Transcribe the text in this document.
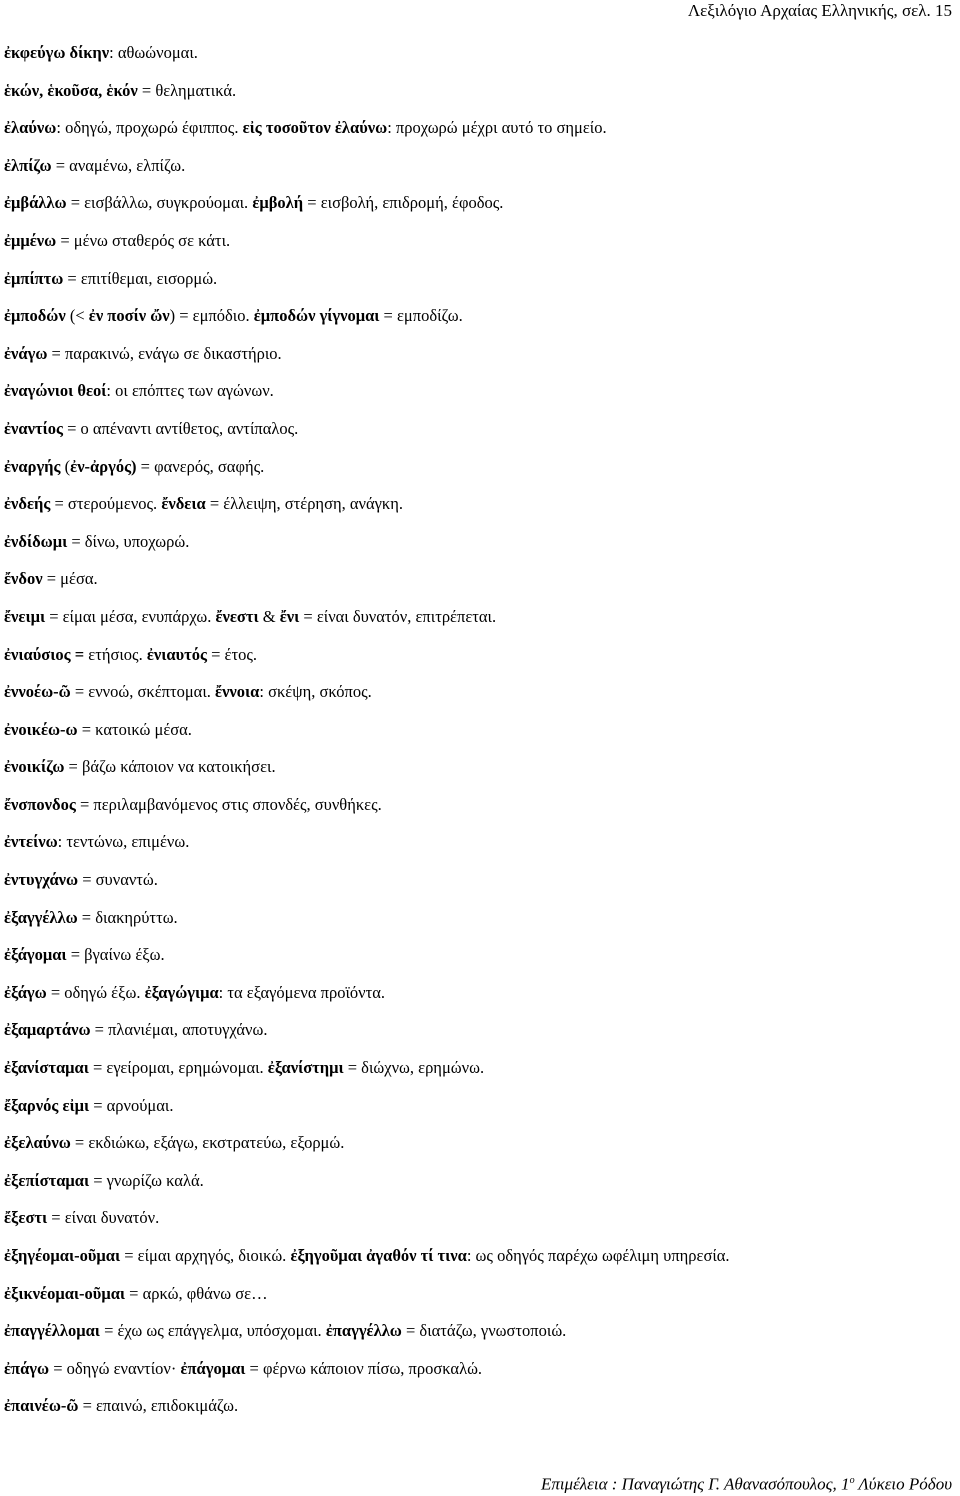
Λεξιλόγιο Αρχαίας Ελληνικής, σελ. 15
ἐκφεύγω δίκην: αθωώνομαι.
ἑκών, ἑκοῦσα, ἑκόν = θεληματικά.
ἐλαύνω: οδηγώ, προχωρώ έφιππος. εἰς τοσοῦτον ἐλαύνω: προχωρώ μέχρι αυτό το σημείο.
ἐλπίζω = αναμένω, ελπίζω.
ἐμβάλλω = εισβάλλω, συγκρούομαι. ἐμβολή = εισβολή, επιδρομή, έφοδος.
ἐμμένω = μένω σταθερός σε κάτι.
ἐμπίπτω = επιτίθεμαι, εισορμώ.
ἐμποδών (< ἐν ποσίν ὤν) = εμπόδιο. ἐμποδών γίγνομαι = εμποδίζω.
ἐνάγω = παρακινώ, ενάγω σε δικαστήριο.
ἐναγώνιοι θεοί: οι επόπτες των αγώνων.
ἐναντίος = ο απέναντι αντίθετος, αντίπαλος.
ἐναργής (ἐν-ἀργός) = φανερός, σαφής.
ἐνδεής = στερούμενος. ἔνδεια = έλλειψη, στέρηση, ανάγκη.
ἐνδίδωμι = δίνω, υποχωρώ.
ἔνδον = μέσα.
ἔνειμι = είμαι μέσα, ενυπάρχω. ἔνεστι & ἔνι = είναι δυνατόν, επιτρέπεται.
ἐνιαύσιος = ετήσιος. ἐνιαυτός = έτος.
ἐννοέω-ῶ = εννοώ, σκέπτομαι. ἔννοια: σκέψη, σκόπος.
ἐνοικέω-ω = κατοικώ μέσα.
ἐνοικίζω = βάζω κάποιον να κατοικήσει.
ἔνσπονδος = περιλαμβανόμενος στις σπονδές, συνθήκες.
ἐντείνω: τεντώνω, επιμένω.
ἐντυγχάνω = συναντώ.
ἐξαγγέλλω = διακηρύττω.
ἐξάγομαι = βγαίνω έξω.
ἐξάγω = οδηγώ έξω. ἐξαγώγιμα: τα εξαγόμενα προϊόντα.
ἐξαμαρτάνω = πλανιέμαι, αποτυγχάνω.
ἐξανίσταμαι = εγείρομαι, ερημώνομαι. ἐξανίστημι = διώχνω, ερημώνω.
ἔξαρνός εἰμι = αρνούμαι.
ἐξελαύνω = εκδιώκω, εξάγω, εκστρατεύω, εξορμώ.
ἐξεπίσταμαι = γνωρίζω καλά.
ἔξεστι = είναι δυνατόν.
ἐξηγέομαι-οῦμαι = είμαι αρχηγός, διοικώ. ἐξηγοῦμαι ἀγαθόν τί τινα: ως οδηγός παρέχω ωφέλιμη υπηρεσία.
ἐξικνέομαι-οῦμαι = αρκώ, φθάνω σε…
ἐπαγγέλλομαι = έχω ως επάγγελμα, υπόσχομαι. ἐπαγγέλλω = διατάζω, γνωστοποιώ.
ἐπάγω = οδηγώ εναντίον· ἐπάγομαι = φέρνω κάποιον πίσω, προσκαλώ.
ἐπαινέω-ῶ = επαινώ, επιδοκιμάζω.
Επιμέλεια : Παναγιώτης Γ. Αθανασόπουλος, $1^o$ Λύκειο Ρόδου
